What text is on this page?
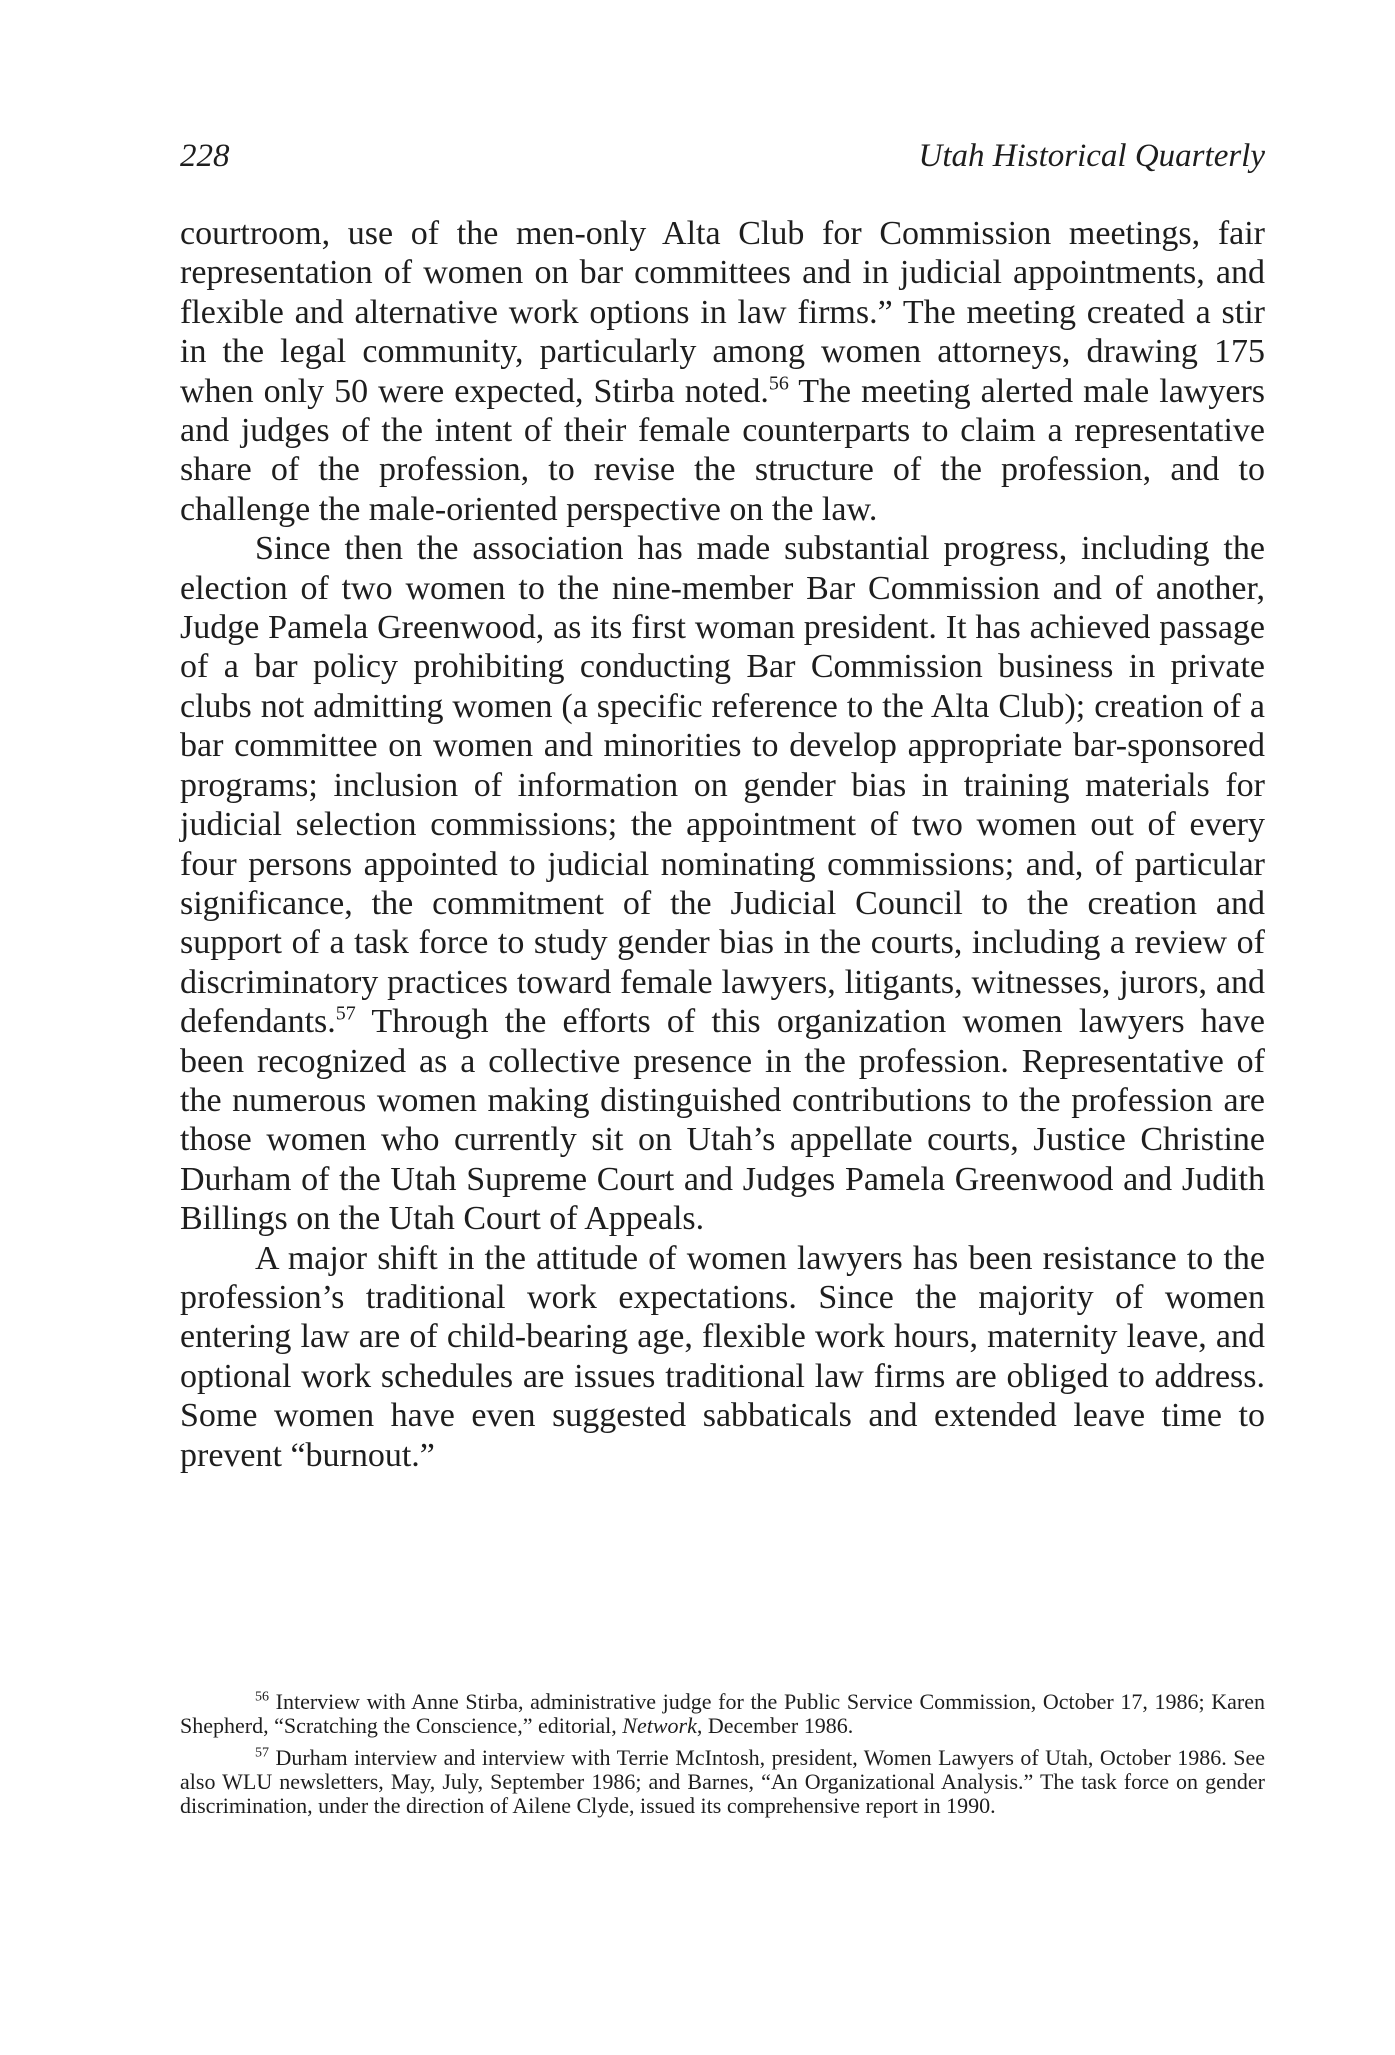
228	Utah Historical Quarterly

courtroom, use of the men-only Alta Club for Commission meetings, fair representation of women on bar committees and in judicial appointments, and flexible and alternative work options in law firms.” The meeting created a stir in the legal community, particularly among women attorneys, drawing 175 when only 50 were expected, Stirba noted.$^{56}$ The meeting alerted male lawyers and judges of the intent of their female counterparts to claim a representative share of the profession, to revise the structure of the profession, and to challenge the male-oriented perspective on the law.

Since then the association has made substantial progress, including the election of two women to the nine-member Bar Commission and of another, Judge Pamela Greenwood, as its first woman president. It has achieved passage of a bar policy prohibiting conducting Bar Commission business in private clubs not admitting women (a specific reference to the Alta Club); creation of a bar committee on women and minorities to develop appropriate bar-sponsored programs; inclusion of information on gender bias in training materials for judicial selection commissions; the appointment of two women out of every four persons appointed to judicial nominating commissions; and, of particular significance, the commitment of the Judicial Council to the creation and support of a task force to study gender bias in the courts, including a review of discriminatory practices toward female lawyers, litigants, witnesses, jurors, and defendants.$^{57}$ Through the efforts of this organization women lawyers have been recognized as a collective presence in the profession. Representative of the numerous women making distinguished contributions to the profession are those women who currently sit on Utah’s appellate courts, Justice Christine Durham of the Utah Supreme Court and Judges Pamela Greenwood and Judith Billings on the Utah Court of Appeals.

A major shift in the attitude of women lawyers has been resistance to the profession’s traditional work expectations. Since the majority of women entering law are of child-bearing age, flexible work hours, maternity leave, and optional work schedules are issues traditional law firms are obliged to address. Some women have even suggested sabbaticals and extended leave time to prevent “burnout.”

$^{56}$ Interview with Anne Stirba, administrative judge for the Public Service Commission, October 17, 1986; Karen Shepherd, “Scratching the Conscience,” editorial, Network, December 1986.

$^{57}$ Durham interview and interview with Terrie McIntosh, president, Women Lawyers of Utah, October 1986. See also WLU newsletters, May, July, September 1986; and Barnes, “An Organizational Analysis.” The task force on gender discrimination, under the direction of Ailene Clyde, issued its comprehensive report in 1990.
